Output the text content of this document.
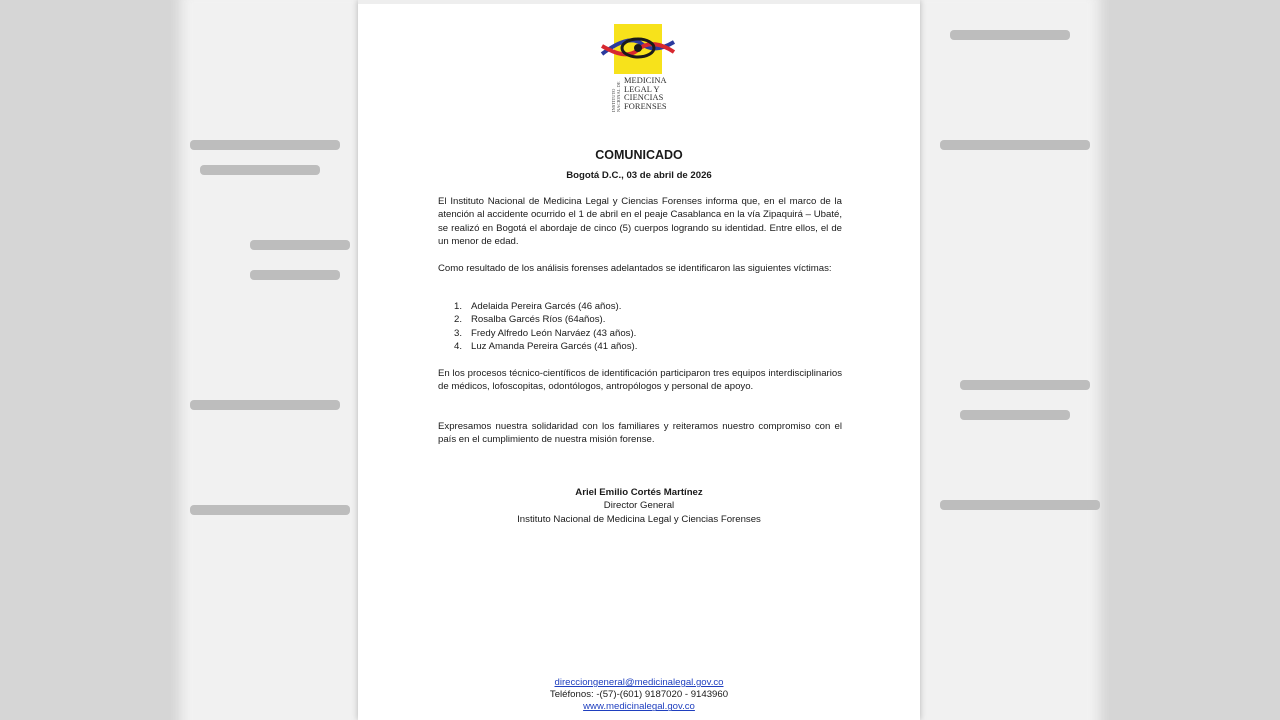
INSTITUTO NACIONAL DE
MEDICINA
LEGAL Y
CIENCIAS
FORENSES
COMUNICADO
Bogotá D.C., 03 de abril de 2026

El Instituto Nacional de Medicina Legal y Ciencias Forenses informa que, en el marco de la atención al accidente ocurrido el 1 de abril en el peaje Casablanca en la vía Zipaquirá – Ubaté, se realizó en Bogotá el abordaje de cinco (5) cuerpos logrando su identidad. Entre ellos, el de un menor de edad.

Como resultado de los análisis forenses adelantados se identificaron las siguientes víctimas:

1. Adelaida Pereira Garcés (46 años).
2. Rosalba Garcés Ríos (64años).
3. Fredy Alfredo León Narváez (43 años).
4. Luz Amanda Pereira Garcés (41 años).

En los procesos técnico-científicos de identificación participaron tres equipos interdisciplinarios de médicos, lofoscopitas, odontólogos, antropólogos y personal de apoyo.

Expresamos nuestra solidaridad con los familiares y reiteramos nuestro compromiso con el país en el cumplimiento de nuestra misión forense.

Ariel Emilio Cortés Martínez
Director General
Instituto Nacional de Medicina Legal y Ciencias Forenses
direcciongeneral@medicinalegal.gov.co
Teléfonos: -(57)-(601) 9187020 - 9143960
www.medicinalegal.gov.co
